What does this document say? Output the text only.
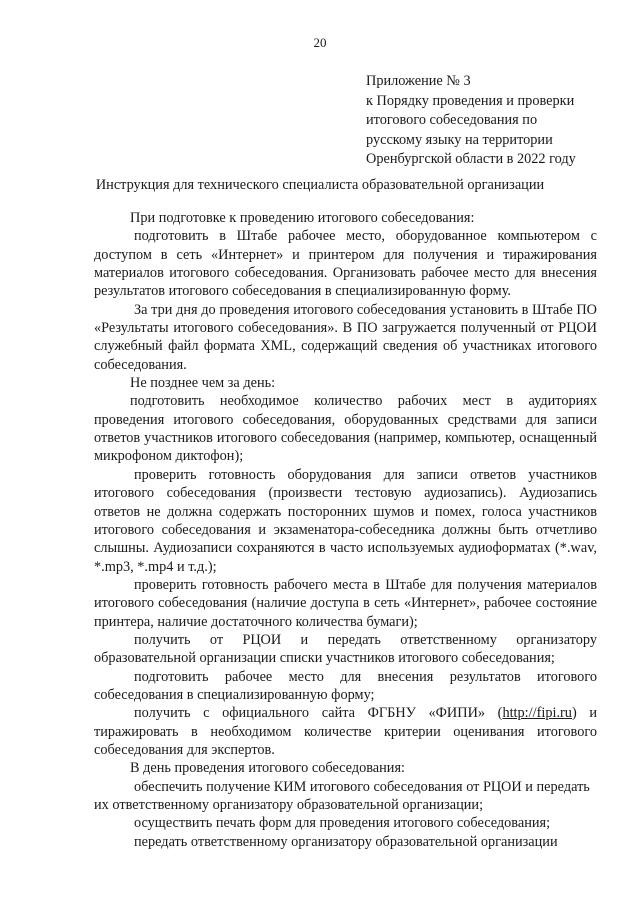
20
Приложение № 3
к Порядку проведения и проверки
итогового собеседования по
русскому языку на территории
Оренбургской области в 2022 году
Инструкция для технического специалиста образовательной организации

При подготовке к проведению итогового собеседования:

подготовить в Штабе рабочее место, оборудованное компьютером с доступом в сеть «Интернет» и принтером для получения и тиражирования материалов итогового собеседования. Организовать рабочее место для внесения результатов итогового собеседования в специализированную форму.

За три дня до проведения итогового собеседования установить в Штабе ПО «Результаты итогового собеседования». В ПО загружается полученный от РЦОИ служебный файл формата XML, содержащий сведения об участниках итогового собеседования.

Не позднее чем за день:

подготовить необходимое количество рабочих мест в аудиториях проведения итогового собеседования, оборудованных средствами для записи ответов участников итогового собеседования (например, компьютер, оснащенный микрофоном диктофон);

проверить готовность оборудования для записи ответов участников итогового собеседования (произвести тестовую аудиозапись). Аудиозапись ответов не должна содержать посторонних шумов и помех, голоса участников итогового собеседования и экзаменатора-собеседника должны быть отчетливо слышны. Аудиозаписи сохраняются в часто используемых аудиоформатах (*.wav, *.mp3, *.mp4 и т.д.);

проверить готовность рабочего места в Штабе для получения материалов итогового собеседования (наличие доступа в сеть «Интернет», рабочее состояние принтера, наличие достаточного количества бумаги);

получить от РЦОИ и передать ответственному организатору образовательной организации списки участников итогового собеседования;

подготовить рабочее место для внесения результатов итогового собеседования в специализированную форму;

получить с официального сайта ФГБНУ «ФИПИ» (http://fipi.ru) и тиражировать в необходимом количестве критерии оценивания итогового собеседования для экспертов.

В день проведения итогового собеседования:

обеспечить получение КИМ итогового собеседования от РЦОИ и передать

их ответственному организатору образовательной организации;

осуществить печать форм для проведения итогового собеседования;

передать ответственному организатору образовательной организации
